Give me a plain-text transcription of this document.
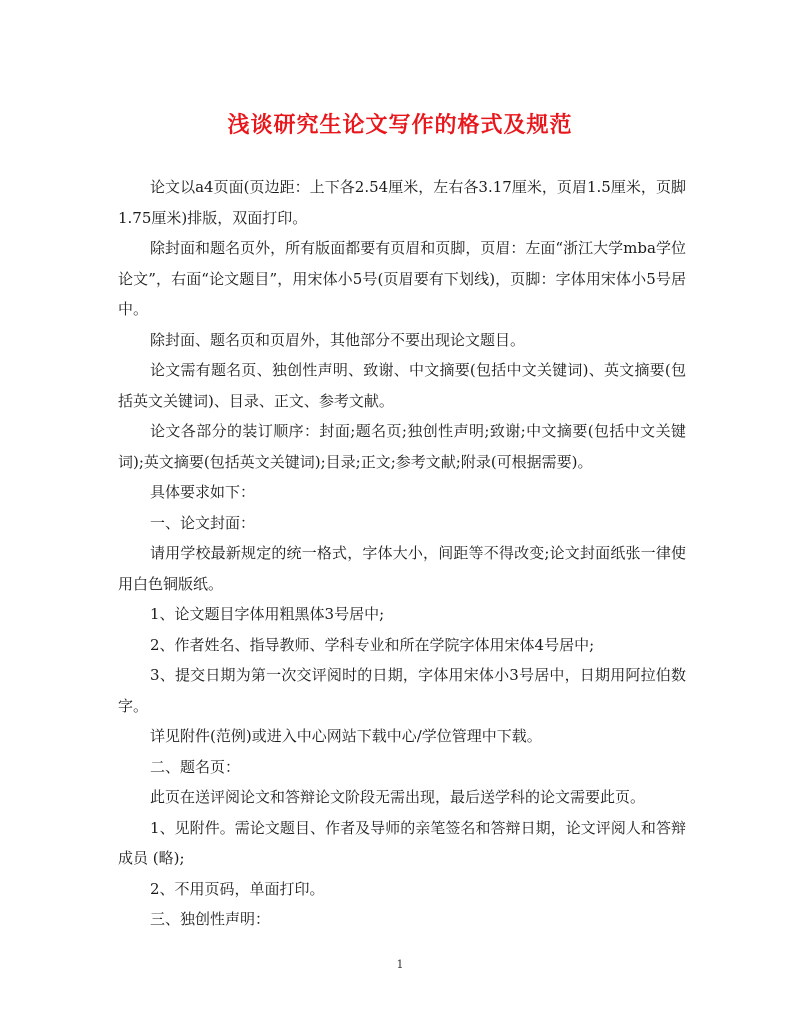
浅谈研究生论文写作的格式及规范

论文以a4页面(页边距：上下各2.54厘米，左右各3.17厘米，页眉1.5厘米，页脚1.75厘米)排版，双面打印。

除封面和题名页外，所有版面都要有页眉和页脚，页眉：左面“浙江大学mba学位论文”，右面“论文题目”，用宋体小5号(页眉要有下划线)，页脚：字体用宋体小5号居中。

除封面、题名页和页眉外，其他部分不要出现论文题目。

论文需有题名页、独创性声明、致谢、中文摘要(包括中文关键词)、英文摘要(包括英文关键词)、目录、正文、参考文献。

论文各部分的装订顺序：封面;题名页;独创性声明;致谢;中文摘要(包括中文关键词);英文摘要(包括英文关键词);目录;正文;参考文献;附录(可根据需要)。

具体要求如下：

一、论文封面：

请用学校最新规定的统一格式，字体大小，间距等不得改变;论文封面纸张一律使用白色铜版纸。

1、论文题目字体用粗黑体3号居中;

2、作者姓名、指导教师、学科专业和所在学院字体用宋体4号居中;

3、提交日期为第一次交评阅时的日期，字体用宋体小3号居中，日期用阿拉伯数字。

详见附件(范例)或进入中心网站下载中心/学位管理中下载。

二、题名页：

此页在送评阅论文和答辩论文阶段无需出现，最后送学科的论文需要此页。

1、见附件。需论文题目、作者及导师的亲笔签名和答辩日期，论文评阅人和答辩成员 (略);

2、不用页码，单面打印。

三、独创性声明：

1
